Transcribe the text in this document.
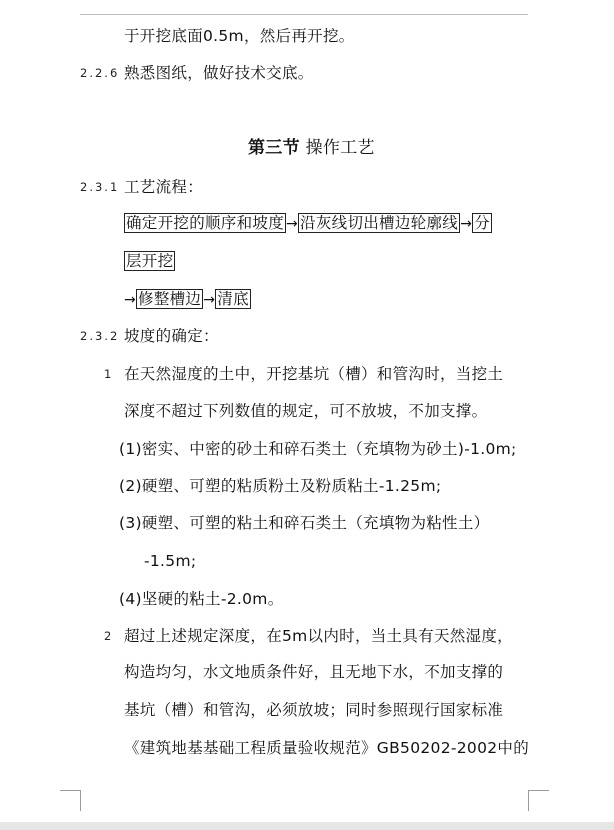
于开挖底面0.5m，然后再开挖。
2.2.6 熟悉图纸，做好技术交底。
第三节 操作工艺
2.3.1 工艺流程：
确定开挖的顺序和坡度 → 沿灰线切出槽边轮廓线 → 分
层开挖
→ 修整槽边 → 清底
2.3.2 坡度的确定：
1 在天然湿度的土中，开挖基坑（槽）和管沟时，当挖土
深度不超过下列数值的规定，可不放坡，不加支撑。
(1)密实、中密的砂土和碎石类土（充填物为砂土)-1.0m;
(2)硬塑、可塑的粘质粉土及粉质粘土-1.25m;
(3)硬塑、可塑的粘土和碎石类土（充填物为粘性土）
-1.5m;
(4)坚硬的粘土-2.0m。
2 超过上述规定深度，在5m以内时，当土具有天然湿度，
构造均匀，水文地质条件好，且无地下水，不加支撑的
基坑（槽）和管沟，必须放坡；同时参照现行国家标准
《建筑地基基础工程质量验收规范》GB50202-2002中的
